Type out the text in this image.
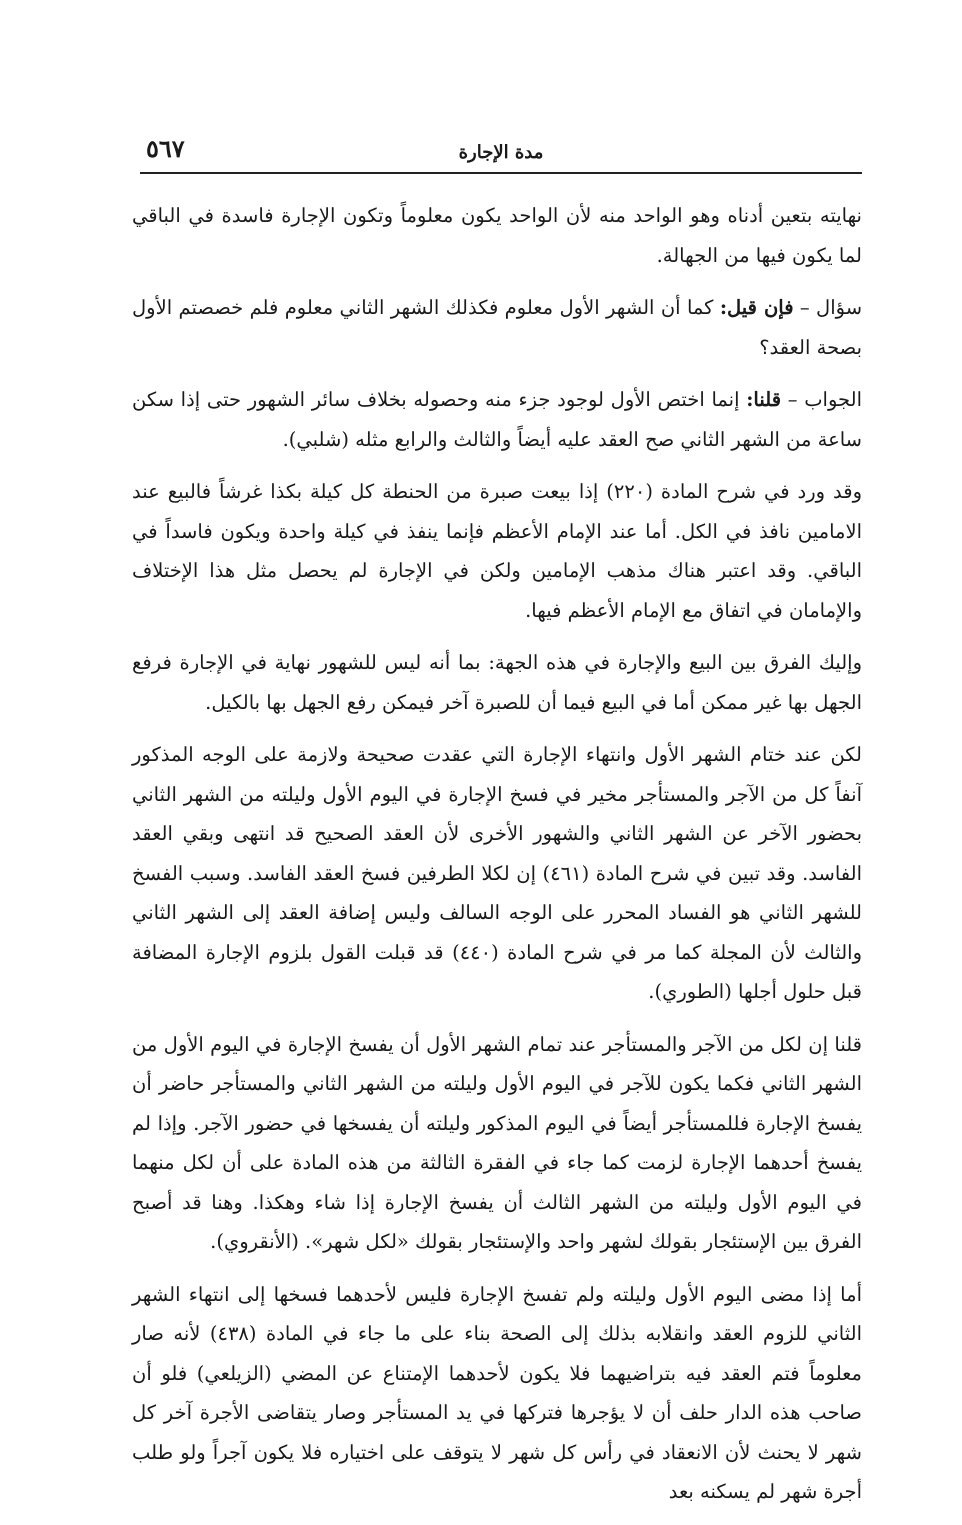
مدة الإجارة
٥٦٧

نهايته بتعين أدناه وهو الواحد منه لأن الواحد يكون معلوماً وتكون الإجارة فاسدة في الباقي لما يكون فيها من الجهالة.

سؤال – فإن قيل: كما أن الشهر الأول معلوم فكذلك الشهر الثاني معلوم فلم خصصتم الأول بصحة العقد؟

الجواب – قلنا: إنما اختص الأول لوجود جزء منه وحصوله بخلاف سائر الشهور حتى إذا سكن ساعة من الشهر الثاني صح العقد عليه أيضاً والثالث والرابع مثله (شلبي).

وقد ورد في شرح المادة (٢٢٠) إذا بيعت صبرة من الحنطة كل كيلة بكذا غرشاً فالبيع عند الامامين نافذ في الكل. أما عند الإمام الأعظم فإنما ينفذ في كيلة واحدة ويكون فاسداً في الباقي. وقد اعتبر هناك مذهب الإمامين ولكن في الإجارة لم يحصل مثل هذا الإختلاف والإمامان في اتفاق مع الإمام الأعظم فيها.

وإليك الفرق بين البيع والإجارة في هذه الجهة: بما أنه ليس للشهور نهاية في الإجارة فرفع الجهل بها غير ممكن أما في البيع فيما أن للصبرة آخر فيمكن رفع الجهل بها بالكيل.

لكن عند ختام الشهر الأول وانتهاء الإجارة التي عقدت صحيحة ولازمة على الوجه المذكور آنفاً كل من الآجر والمستأجر مخير في فسخ الإجارة في اليوم الأول وليلته من الشهر الثاني بحضور الآخر عن الشهر الثاني والشهور الأخرى لأن العقد الصحيح قد انتهى وبقي العقد الفاسد. وقد تبين في شرح المادة (٤٦١) إن لكلا الطرفين فسخ العقد الفاسد. وسبب الفسخ للشهر الثاني هو الفساد المحرر على الوجه السالف وليس إضافة العقد إلى الشهر الثاني والثالث لأن المجلة كما مر في شرح المادة (٤٤٠) قد قبلت القول بلزوم الإجارة المضافة قبل حلول أجلها (الطوري).

قلنا إن لكل من الآجر والمستأجر عند تمام الشهر الأول أن يفسخ الإجارة في اليوم الأول من الشهر الثاني فكما يكون للآجر في اليوم الأول وليلته من الشهر الثاني والمستأجر حاضر أن يفسخ الإجارة فللمستأجر أيضاً في اليوم المذكور وليلته أن يفسخها في حضور الآجر. وإذا لم يفسخ أحدهما الإجارة لزمت كما جاء في الفقرة الثالثة من هذه المادة على أن لكل منهما في اليوم الأول وليلته من الشهر الثالث أن يفسخ الإجارة إذا شاء وهكذا. وهنا قد أصبح الفرق بين الإستئجار بقولك لشهر واحد والإستئجار بقولك «لكل شهر». (الأنقروي).

أما إذا مضى اليوم الأول وليلته ولم تفسخ الإجارة فليس لأحدهما فسخها إلى انتهاء الشهر الثاني للزوم العقد وانقلابه بذلك إلى الصحة بناء على ما جاء في المادة (٤٣٨) لأنه صار معلوماً فتم العقد فيه بتراضيهما فلا يكون لأحدهما الإمتناع عن المضي (الزيلعي) فلو أن صاحب هذه الدار حلف أن لا يؤجرها فتركها في يد المستأجر وصار يتقاضى الأجرة آخر كل شهر لا يحنث لأن الانعقاد في رأس كل شهر لا يتوقف على اختياره فلا يكون آجراً ولو طلب أجرة شهر لم يسكنه بعد
